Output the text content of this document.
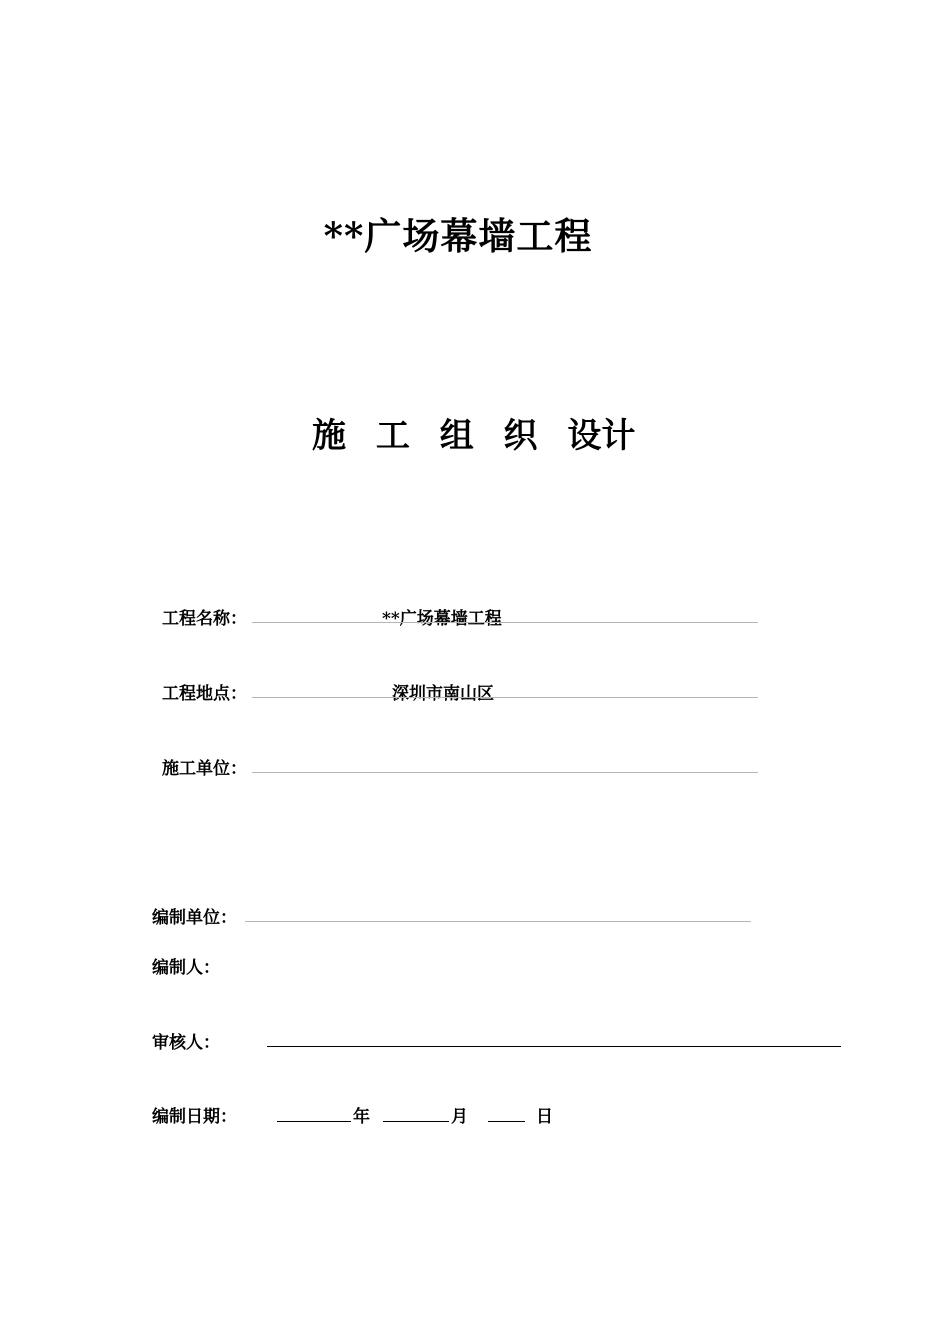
**广场幕墙工程
施 工 组 织 设计
工程名称：	**广场幕墙工程
工程地点：	深圳市南山区
施工单位：
编制单位：
编制人：
审核人：
编制日期：	年	月	日
